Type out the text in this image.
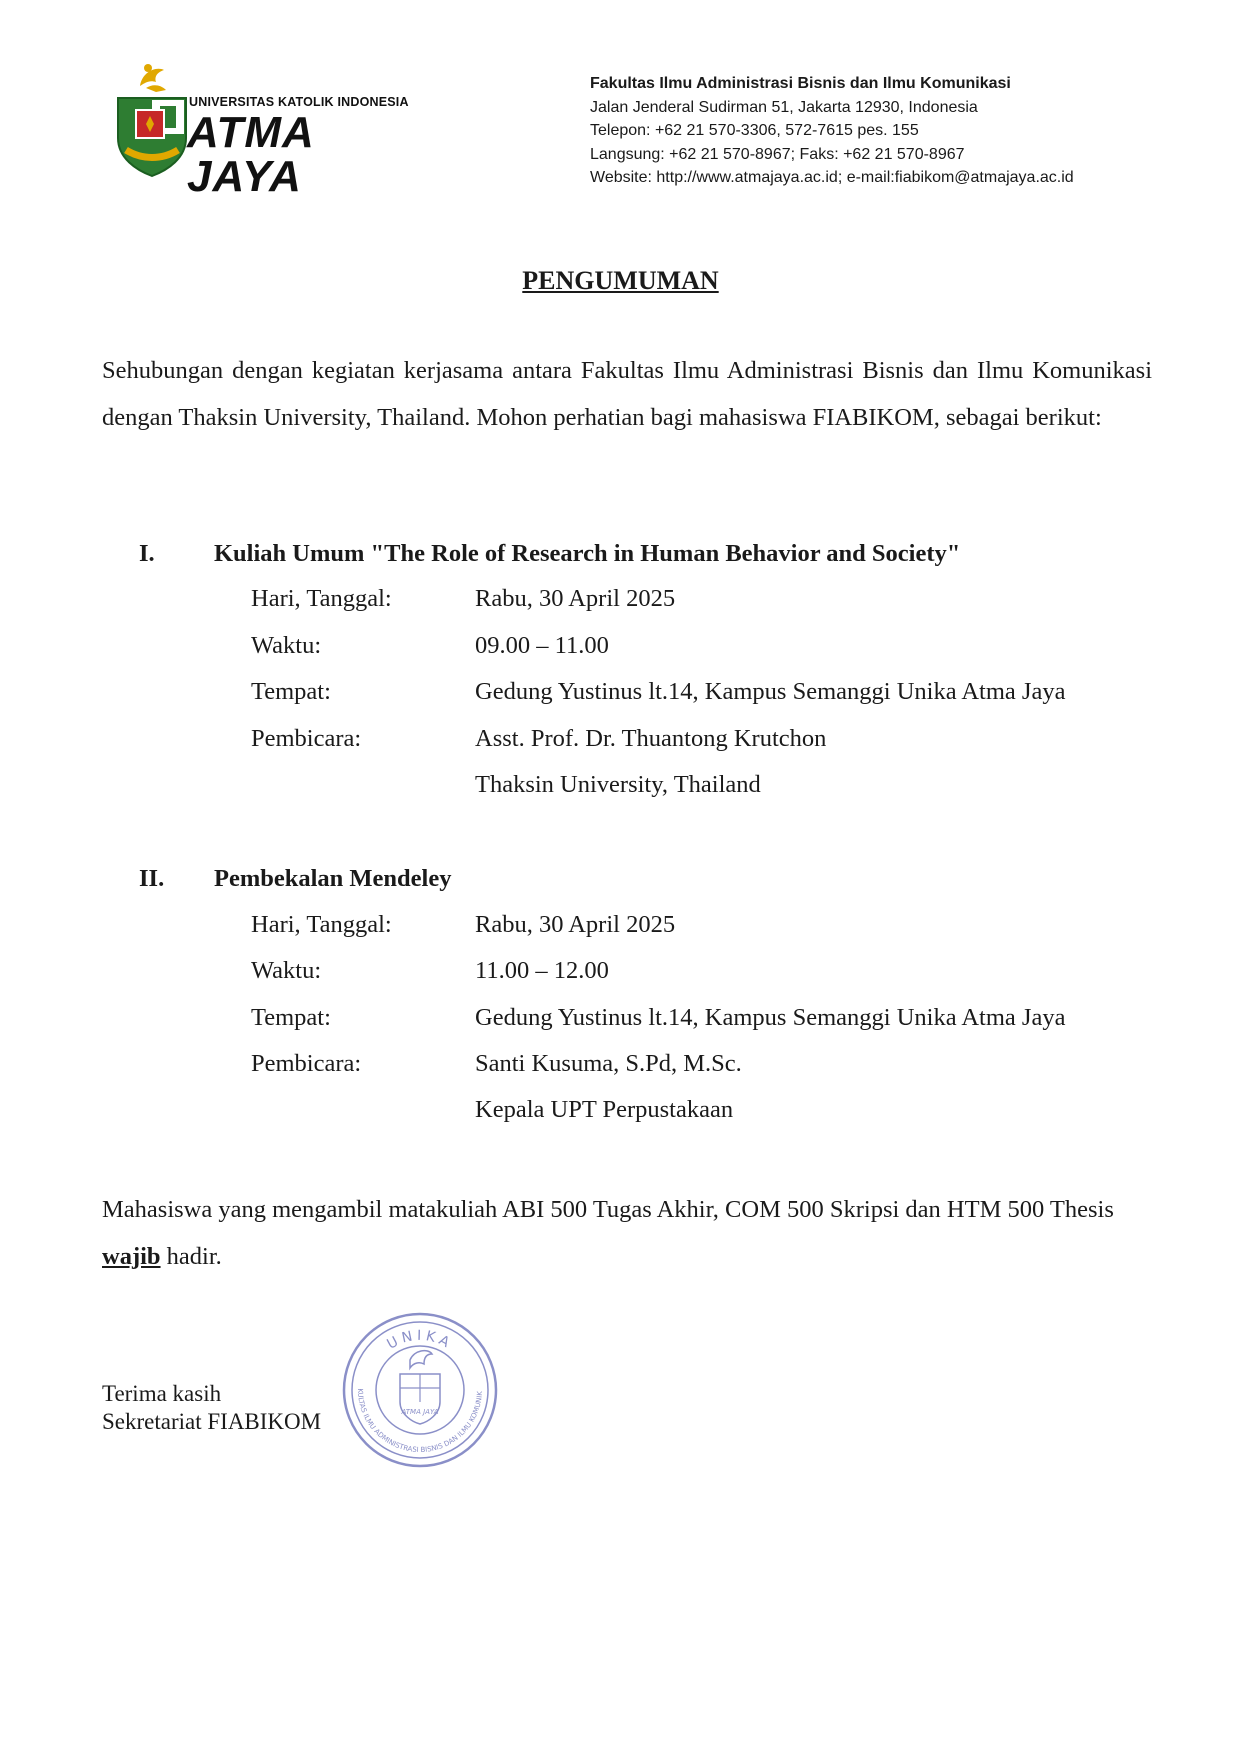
UNIVERSITAS KATOLIK INDONESIA
ATMA JAYA
Fakultas Ilmu Administrasi Bisnis dan Ilmu Komunikasi
Jalan Jenderal Sudirman 51, Jakarta 12930, Indonesia
Telepon: +62 21 570-3306, 572-7615 pes. 155
Langsung: +62 21 570-8967; Faks: +62 21 570-8967
Website: http://www.atmajaya.ac.id; e-mail:fiabikom@atmajaya.ac.id
PENGUMUMAN
Sehubungan dengan kegiatan kerjasama antara Fakultas Ilmu Administrasi Bisnis dan Ilmu Komunikasi dengan Thaksin University, Thailand. Mohon perhatian bagi mahasiswa FIABIKOM, sebagai berikut:
I. Kuliah Umum "The Role of Research in Human Behavior and Society"
Hari, Tanggal:	Rabu, 30 April 2025
Waktu:	09.00 – 11.00
Tempat:	Gedung Yustinus lt.14, Kampus Semanggi Unika Atma Jaya
Pembicara:	Asst. Prof. Dr. Thuantong Krutchon
Thaksin University, Thailand
II. Pembekalan Mendeley
Hari, Tanggal:	Rabu, 30 April 2025
Waktu:	11.00 – 12.00
Tempat:	Gedung Yustinus lt.14, Kampus Semanggi Unika Atma Jaya
Pembicara:	Santi Kusuma, S.Pd, M.Sc.
Kepala UPT Perpustakaan
Mahasiswa yang mengambil matakuliah ABI 500 Tugas Akhir, COM 500 Skripsi dan HTM 500 Thesis wajib hadir.
Terima kasih
Sekretariat FIABIKOM
UNIKA
KULTAS ILMU ADMINISTRASI BISNIS DAN ILMU KOMUNIK
ATMA JAYA
